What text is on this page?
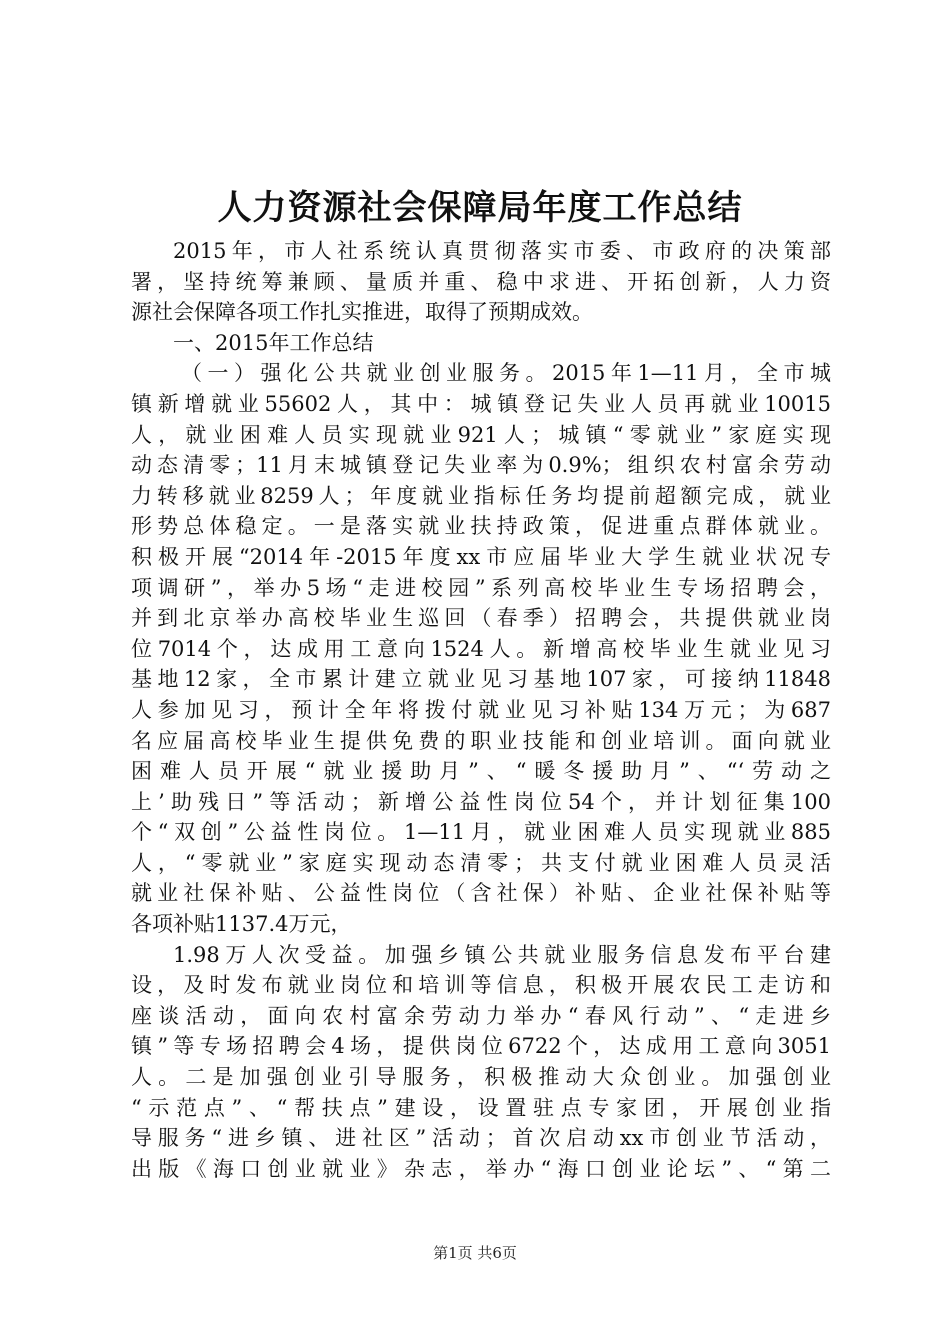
人力资源社会保障局年度工作总结
2015年，市人社系统认真贯彻落实市委、市政府的决策部
署，坚持统筹兼顾、量质并重、稳中求进、开拓创新，人力资
源社会保障各项工作扎实推进，取得了预期成效。
一、2015年工作总结
（一）强化公共就业创业服务。2015年1—11月，全市城
镇新增就业55602人，其中：城镇登记失业人员再就业10015
人，就业困难人员实现就业921人；城镇“零就业”家庭实现
动态清零；11月末城镇登记失业率为0.9%；组织农村富余劳动
力转移就业8259人；年度就业指标任务均提前超额完成，就业
形势总体稳定。一是落实就业扶持政策，促进重点群体就业。
积极开展“2014年-2015年度xx市应届毕业大学生就业状况专
项调研”，举办5场“走进校园”系列高校毕业生专场招聘会，
并到北京举办高校毕业生巡回（春季）招聘会，共提供就业岗
位7014个，达成用工意向1524人。新增高校毕业生就业见习
基地12家，全市累计建立就业见习基地107家，可接纳11848
人参加见习，预计全年将拨付就业见习补贴134万元；为687
名应届高校毕业生提供免费的职业技能和创业培训。面向就业
困难人员开展“就业援助月”、“暖冬援助月”、“‘劳动之
上’助残日”等活动；新增公益性岗位54个，并计划征集100
个“双创”公益性岗位。1—11月，就业困难人员实现就业885
人，“零就业”家庭实现动态清零；共支付就业困难人员灵活
就业社保补贴、公益性岗位（含社保）补贴、企业社保补贴等
各项补贴1137.4万元，
1.98万人次受益。加强乡镇公共就业服务信息发布平台建
设，及时发布就业岗位和培训等信息，积极开展农民工走访和
座谈活动，面向农村富余劳动力举办“春风行动”、“走进乡
镇”等专场招聘会4场，提供岗位6722个，达成用工意向3051
人。二是加强创业引导服务，积极推动大众创业。加强创业
“示范点”、“帮扶点”建设，设置驻点专家团，开展创业指
导服务“进乡镇、进社区”活动；首次启动xx市创业节活动，
出版《海口创业就业》杂志，举办“海口创业论坛”、“第二
第1页 共6页
